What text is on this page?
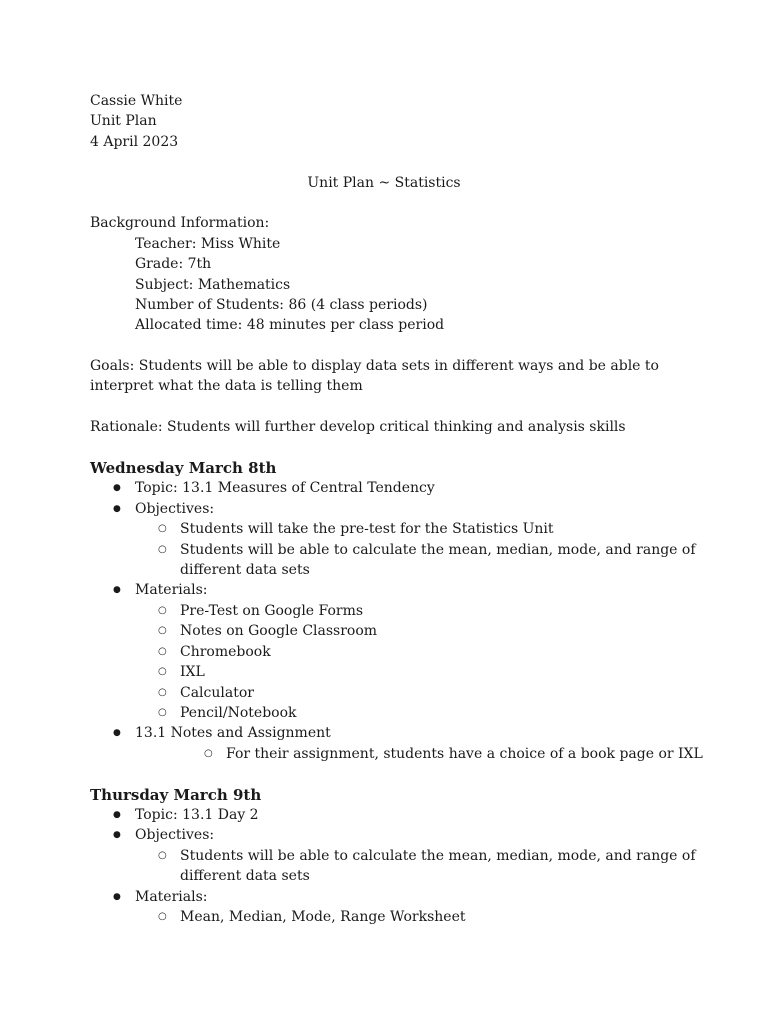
Cassie White
Unit Plan
4 April 2023
Unit Plan ~ Statistics
Background Information:
Teacher: Miss White
Grade: 7th
Subject: Mathematics
Number of Students: 86 (4 class periods)
Allocated time: 48 minutes per class period
Goals: Students will be able to display data sets in different ways and be able to interpret what the data is telling them
Rationale: Students will further develop critical thinking and analysis skills
Wednesday March 8th
● Topic: 13.1 Measures of Central Tendency
● Objectives:
○ Students will take the pre-test for the Statistics Unit
○ Students will be able to calculate the mean, median, mode, and range of different data sets
● Materials:
○ Pre-Test on Google Forms
○ Notes on Google Classroom
○ Chromebook
○ IXL
○ Calculator
○ Pencil/Notebook
● 13.1 Notes and Assignment
○ For their assignment, students have a choice of a book page or IXL
Thursday March 9th
● Topic: 13.1 Day 2
● Objectives:
○ Students will be able to calculate the mean, median, mode, and range of different data sets
● Materials:
○ Mean, Median, Mode, Range Worksheet
